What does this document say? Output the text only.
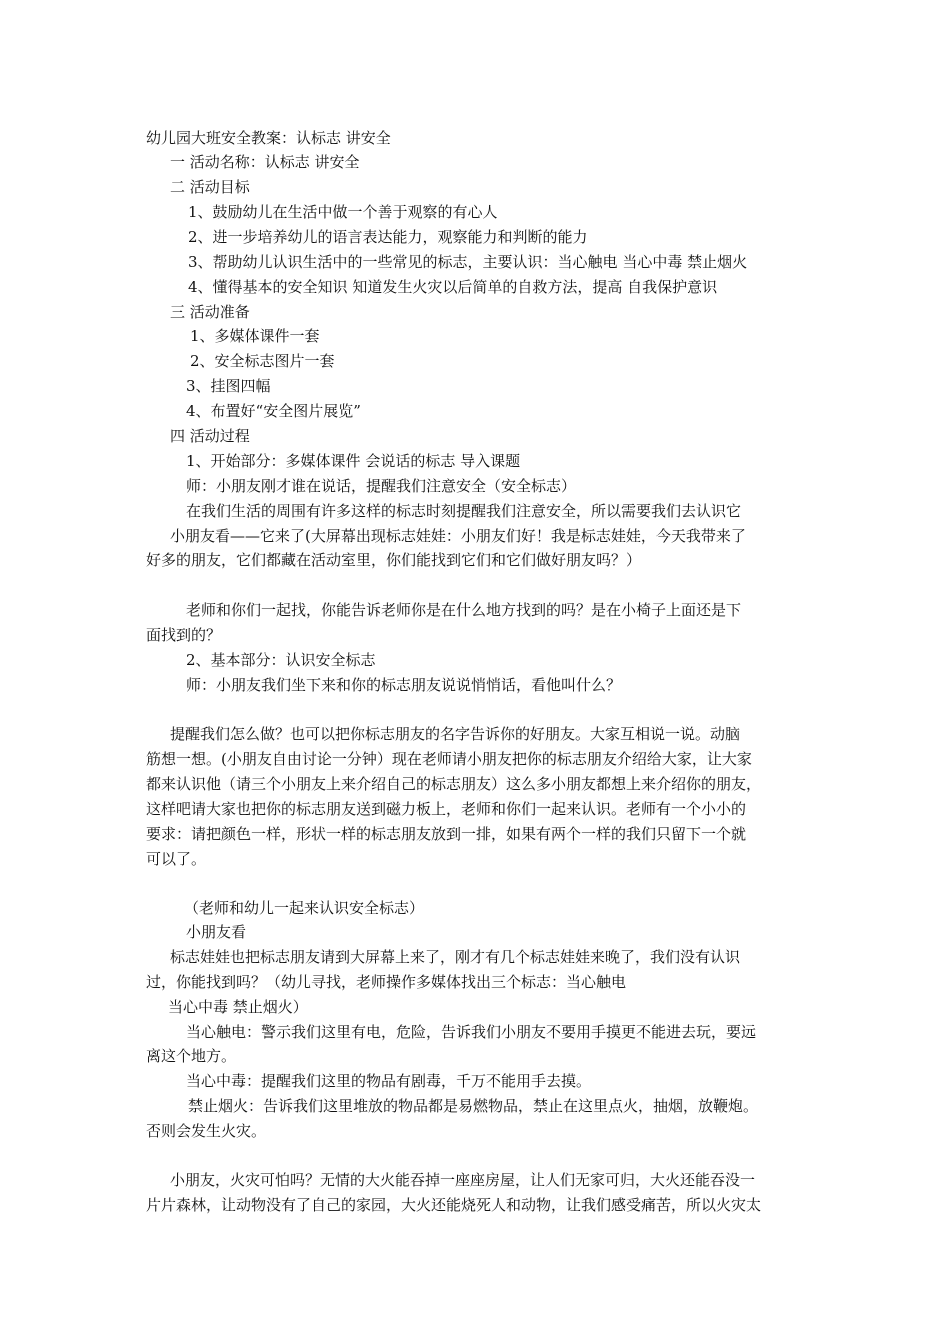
幼儿园大班安全教案：认标志 讲安全
一 活动名称：认标志 讲安全
二 活动目标
1、鼓励幼儿在生活中做一个善于观察的有心人
2、进一步培养幼儿的语言表达能力，观察能力和判断的能力
3、帮助幼儿认识生活中的一些常见的标志，主要认识：当心触电 当心中毒 禁止烟火
4、懂得基本的安全知识 知道发生火灾以后简单的自救方法，提高 自我保护意识
三 活动准备
1、多媒体课件一套
2、安全标志图片一套
3、挂图四幅
4、布置好“安全图片展览”
四 活动过程
1、开始部分：多媒体课件 会说话的标志 导入课题
师：小朋友刚才谁在说话，提醒我们注意安全（安全标志）
在我们生活的周围有许多这样的标志时刻提醒我们注意安全，所以需要我们去认识它
小朋友看——它来了(大屏幕出现标志娃娃：小朋友们好！我是标志娃娃，今天我带来了
好多的朋友，它们都藏在活动室里，你们能找到它们和它们做好朋友吗？）
老师和你们一起找，你能告诉老师你是在什么地方找到的吗？是在小椅子上面还是下
面找到的？
2、基本部分：认识安全标志
师：小朋友我们坐下来和你的标志朋友说说悄悄话，看他叫什么？
提醒我们怎么做？也可以把你标志朋友的名字告诉你的好朋友。大家互相说一说。动脑
筋想一想。(小朋友自由讨论一分钟）现在老师请小朋友把你的标志朋友介绍给大家，让大家
都来认识他（请三个小朋友上来介绍自己的标志朋友）这么多小朋友都想上来介绍你的朋友，
这样吧请大家也把你的标志朋友送到磁力板上，老师和你们一起来认识。老师有一个小小的
要求：请把颜色一样，形状一样的标志朋友放到一排，如果有两个一样的我们只留下一个就
可以了。
（老师和幼儿一起来认识安全标志）
小朋友看
标志娃娃也把标志朋友请到大屏幕上来了，刚才有几个标志娃娃来晚了，我们没有认识
过，你能找到吗？（幼儿寻找，老师操作多媒体找出三个标志：当心触电
当心中毒 禁止烟火）
当心触电：警示我们这里有电，危险，告诉我们小朋友不要用手摸更不能进去玩，要远
离这个地方。
当心中毒：提醒我们这里的物品有剧毒，千万不能用手去摸。
禁止烟火：告诉我们这里堆放的物品都是易燃物品，禁止在这里点火，抽烟，放鞭炮。
否则会发生火灾。
小朋友，火灾可怕吗？无情的大火能吞掉一座座房屋，让人们无家可归，大火还能吞没一
片片森林，让动物没有了自己的家园，大火还能烧死人和动物，让我们感受痛苦，所以火灾太
